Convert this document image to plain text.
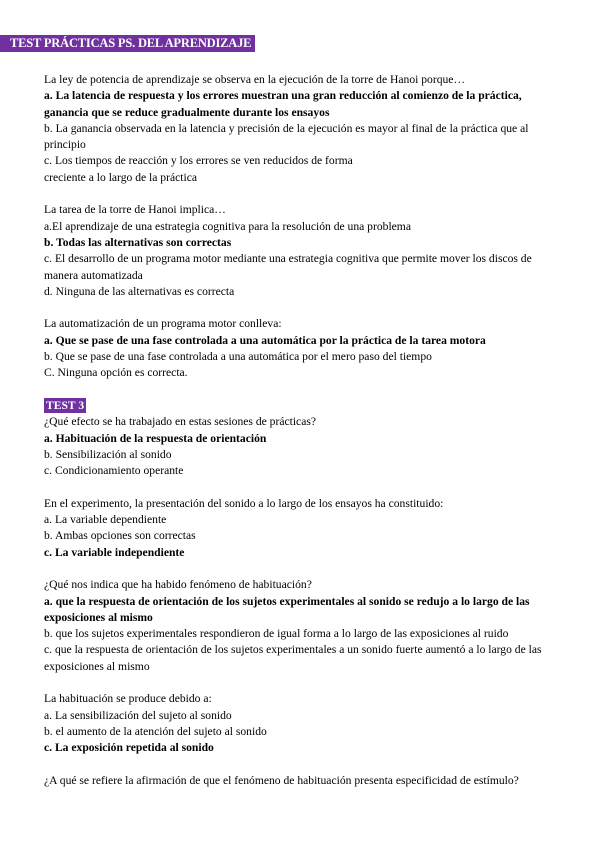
TEST PRÁCTICAS PS. DEL APRENDIZAJE

La ley de potencia de aprendizaje se observa en la ejecución de la torre de Hanoi porque…

a. La latencia de respuesta y los errores muestran una gran reducción al comienzo de la práctica, ganancia que se reduce gradualmente durante los ensayos

b. La ganancia observada en la latencia y precisión de la ejecución es mayor al final de la práctica que al principio

c. Los tiempos de reacción y los errores se ven reducidos de forma

creciente a lo largo de la práctica

La tarea de la torre de Hanoi implica…

a.El aprendizaje de una estrategia cognitiva para la resolución de una problema

b. Todas las alternativas son correctas

c. El desarrollo de un programa motor mediante una estrategia cognitiva que permite mover los discos de manera automatizada

d. Ninguna de las alternativas es correcta

La automatización de un programa motor conlleva:

a. Que se pase de una fase controlada a una automática por la práctica de la tarea motora

b. Que se pase de una fase controlada a una automática por el mero paso del tiempo

C. Ninguna opción es correcta.

TEST 3

¿Qué efecto se ha trabajado en estas sesiones de prácticas?

a. Habituación de la respuesta de orientación

b. Sensibilización al sonido

c. Condicionamiento operante

En el experimento, la presentación del sonido a lo largo de los ensayos ha constituido:

a. La variable dependiente

b. Ambas opciones son correctas

c. La variable independiente

¿Qué nos indica que ha habido fenómeno de habituación?

a. que la respuesta de orientación de los sujetos experimentales al sonido se redujo a lo largo de las exposiciones al mismo

b. que los sujetos experimentales respondieron de igual forma a lo largo de las exposiciones al ruido

c. que la respuesta de orientación de los sujetos experimentales a un sonido fuerte aumentó a lo largo de las exposiciones al mismo

La habituación se produce debido a:

a. La sensibilización del sujeto al sonido

b. el aumento de la atención del sujeto al sonido

c. La exposición repetida al sonido

¿A qué se refiere la afirmación de que el fenómeno de habituación presenta especificidad de estímulo?
